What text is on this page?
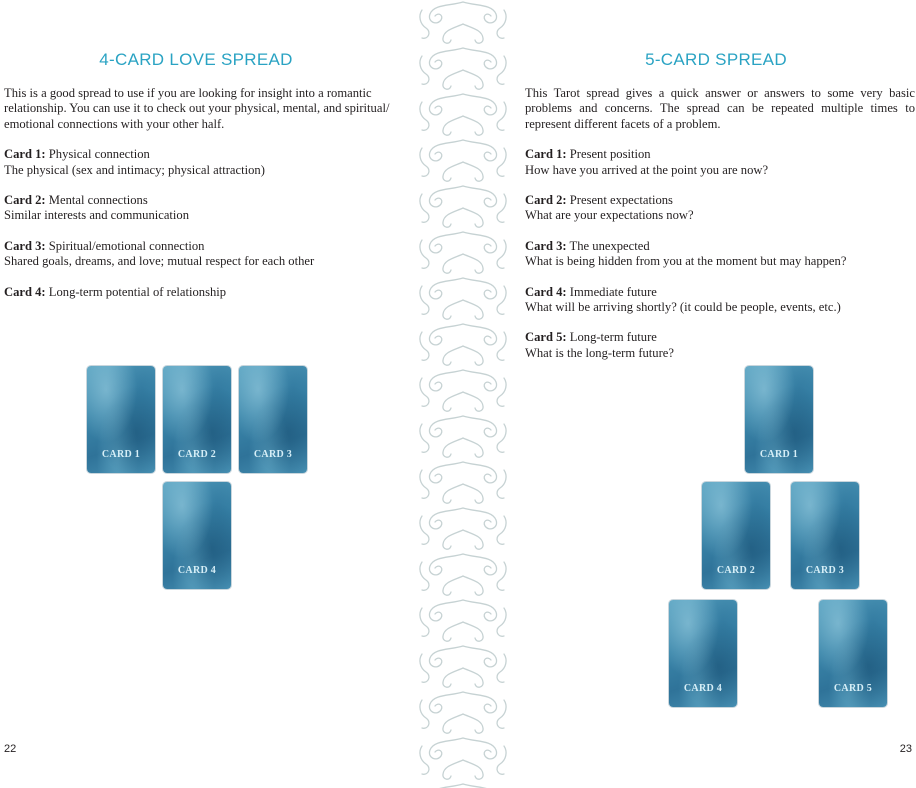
4-CARD LOVE SPREAD

This is a good spread to use if you are looking for insight into a romantic relationship. You can use it to check out your physical, mental, and spiritual/ emotional connections with your other half.

Card 1: Physical connection
The physical (sex and intimacy; physical attraction)

Card 2: Mental connections
Similar interests and communication

Card 3: Spiritual/emotional connection
Shared goals, dreams, and love; mutual respect for each other

Card 4: Long-term potential of relationship

CARD 1	CARD 2	CARD 3
CARD 4
22
5-CARD SPREAD

This Tarot spread gives a quick answer or answers to some very basic problems and concerns. The spread can be repeated multiple times to represent different facets of a problem.

Card 1: Present position
How have you arrived at the point you are now?

Card 2: Present expectations
What are your expectations now?

Card 3: The unexpected
What is being hidden from you at the moment but may happen?

Card 4: Immediate future
What will be arriving shortly? (it could be people, events, etc.)

Card 5: Long-term future
What is the long-term future?

CARD 1
CARD 2	CARD 3
CARD 4	CARD 5
23
